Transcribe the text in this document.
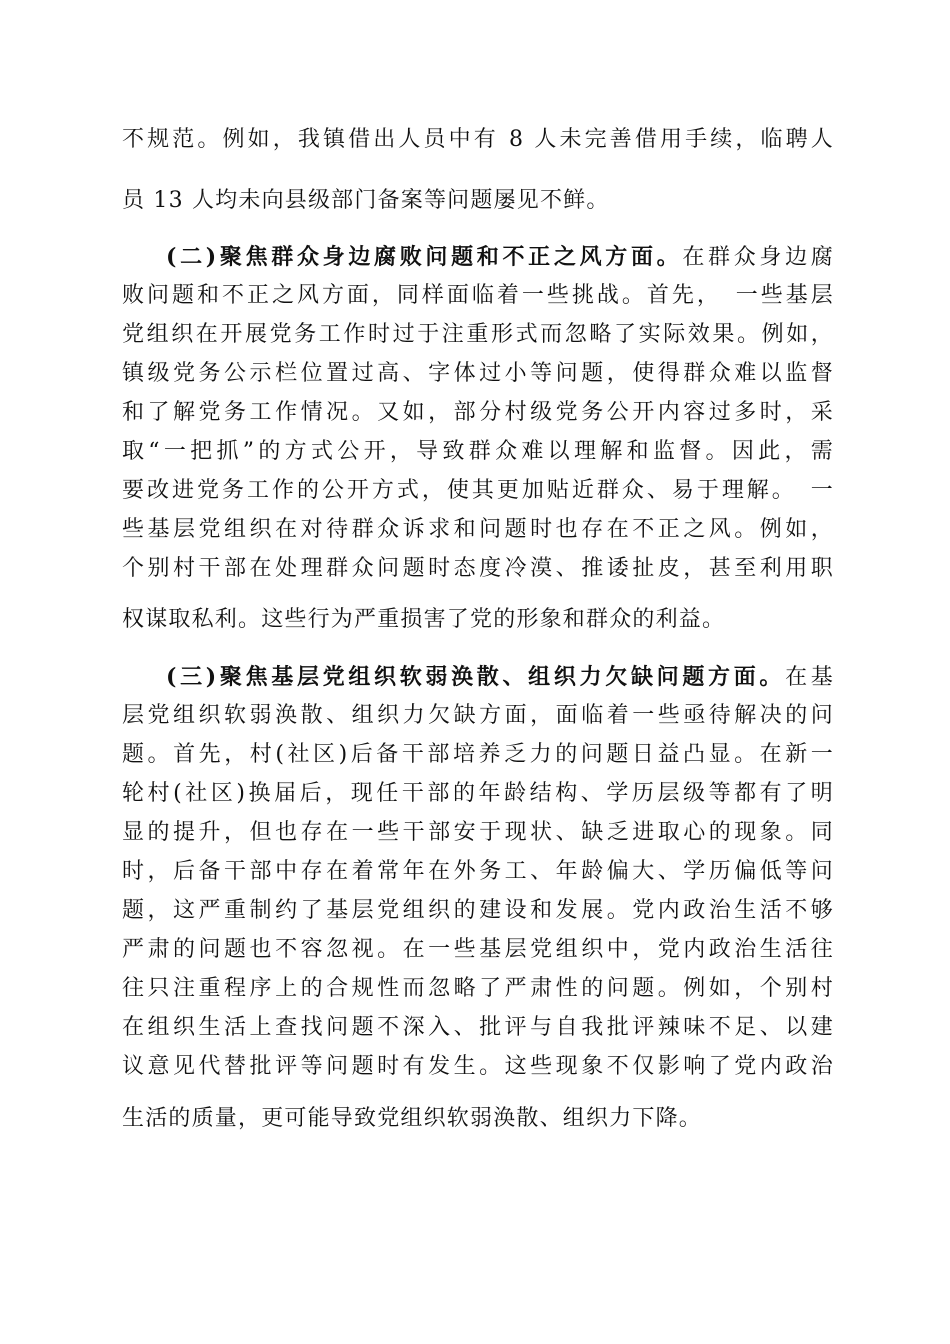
不规范。例如，我镇借出人员中有 8 人未完善借用手续，临聘人
员 13 人均未向县级部门备案等问题屡见不鲜。
(二)聚焦群众身边腐败问题和不正之风方面。在群众身边腐
败问题和不正之风方面，同样面临着一些挑战。首先，　一些基层
党组织在开展党务工作时过于注重形式而忽略了实际效果。例如，
镇级党务公示栏位置过高、字体过小等问题，使得群众难以监督
和了解党务工作情况。又如，部分村级党务公开内容过多时，采
取“一把抓”的方式公开，导致群众难以理解和监督。因此，需
要改进党务工作的公开方式，使其更加贴近群众、易于理解。　一
些基层党组织在对待群众诉求和问题时也存在不正之风。例如，
个别村干部在处理群众问题时态度冷漠、推诿扯皮，甚至利用职
权谋取私利。这些行为严重损害了党的形象和群众的利益。
(三)聚焦基层党组织软弱涣散、组织力欠缺问题方面。在基
层党组织软弱涣散、组织力欠缺方面，面临着一些亟待解决的问
题。首先，村(社区)后备干部培养乏力的问题日益凸显。在新一
轮村(社区)换届后，现任干部的年龄结构、学历层级等都有了明
显的提升，但也存在一些干部安于现状、缺乏进取心的现象。同
时，后备干部中存在着常年在外务工、年龄偏大、学历偏低等问
题，这严重制约了基层党组织的建设和发展。党内政治生活不够
严肃的问题也不容忽视。在一些基层党组织中，党内政治生活往
往只注重程序上的合规性而忽略了严肃性的问题。例如，个别村
在组织生活上查找问题不深入、批评与自我批评辣味不足、以建
议意见代替批评等问题时有发生。这些现象不仅影响了党内政治
生活的质量，更可能导致党组织软弱涣散、组织力下降。
